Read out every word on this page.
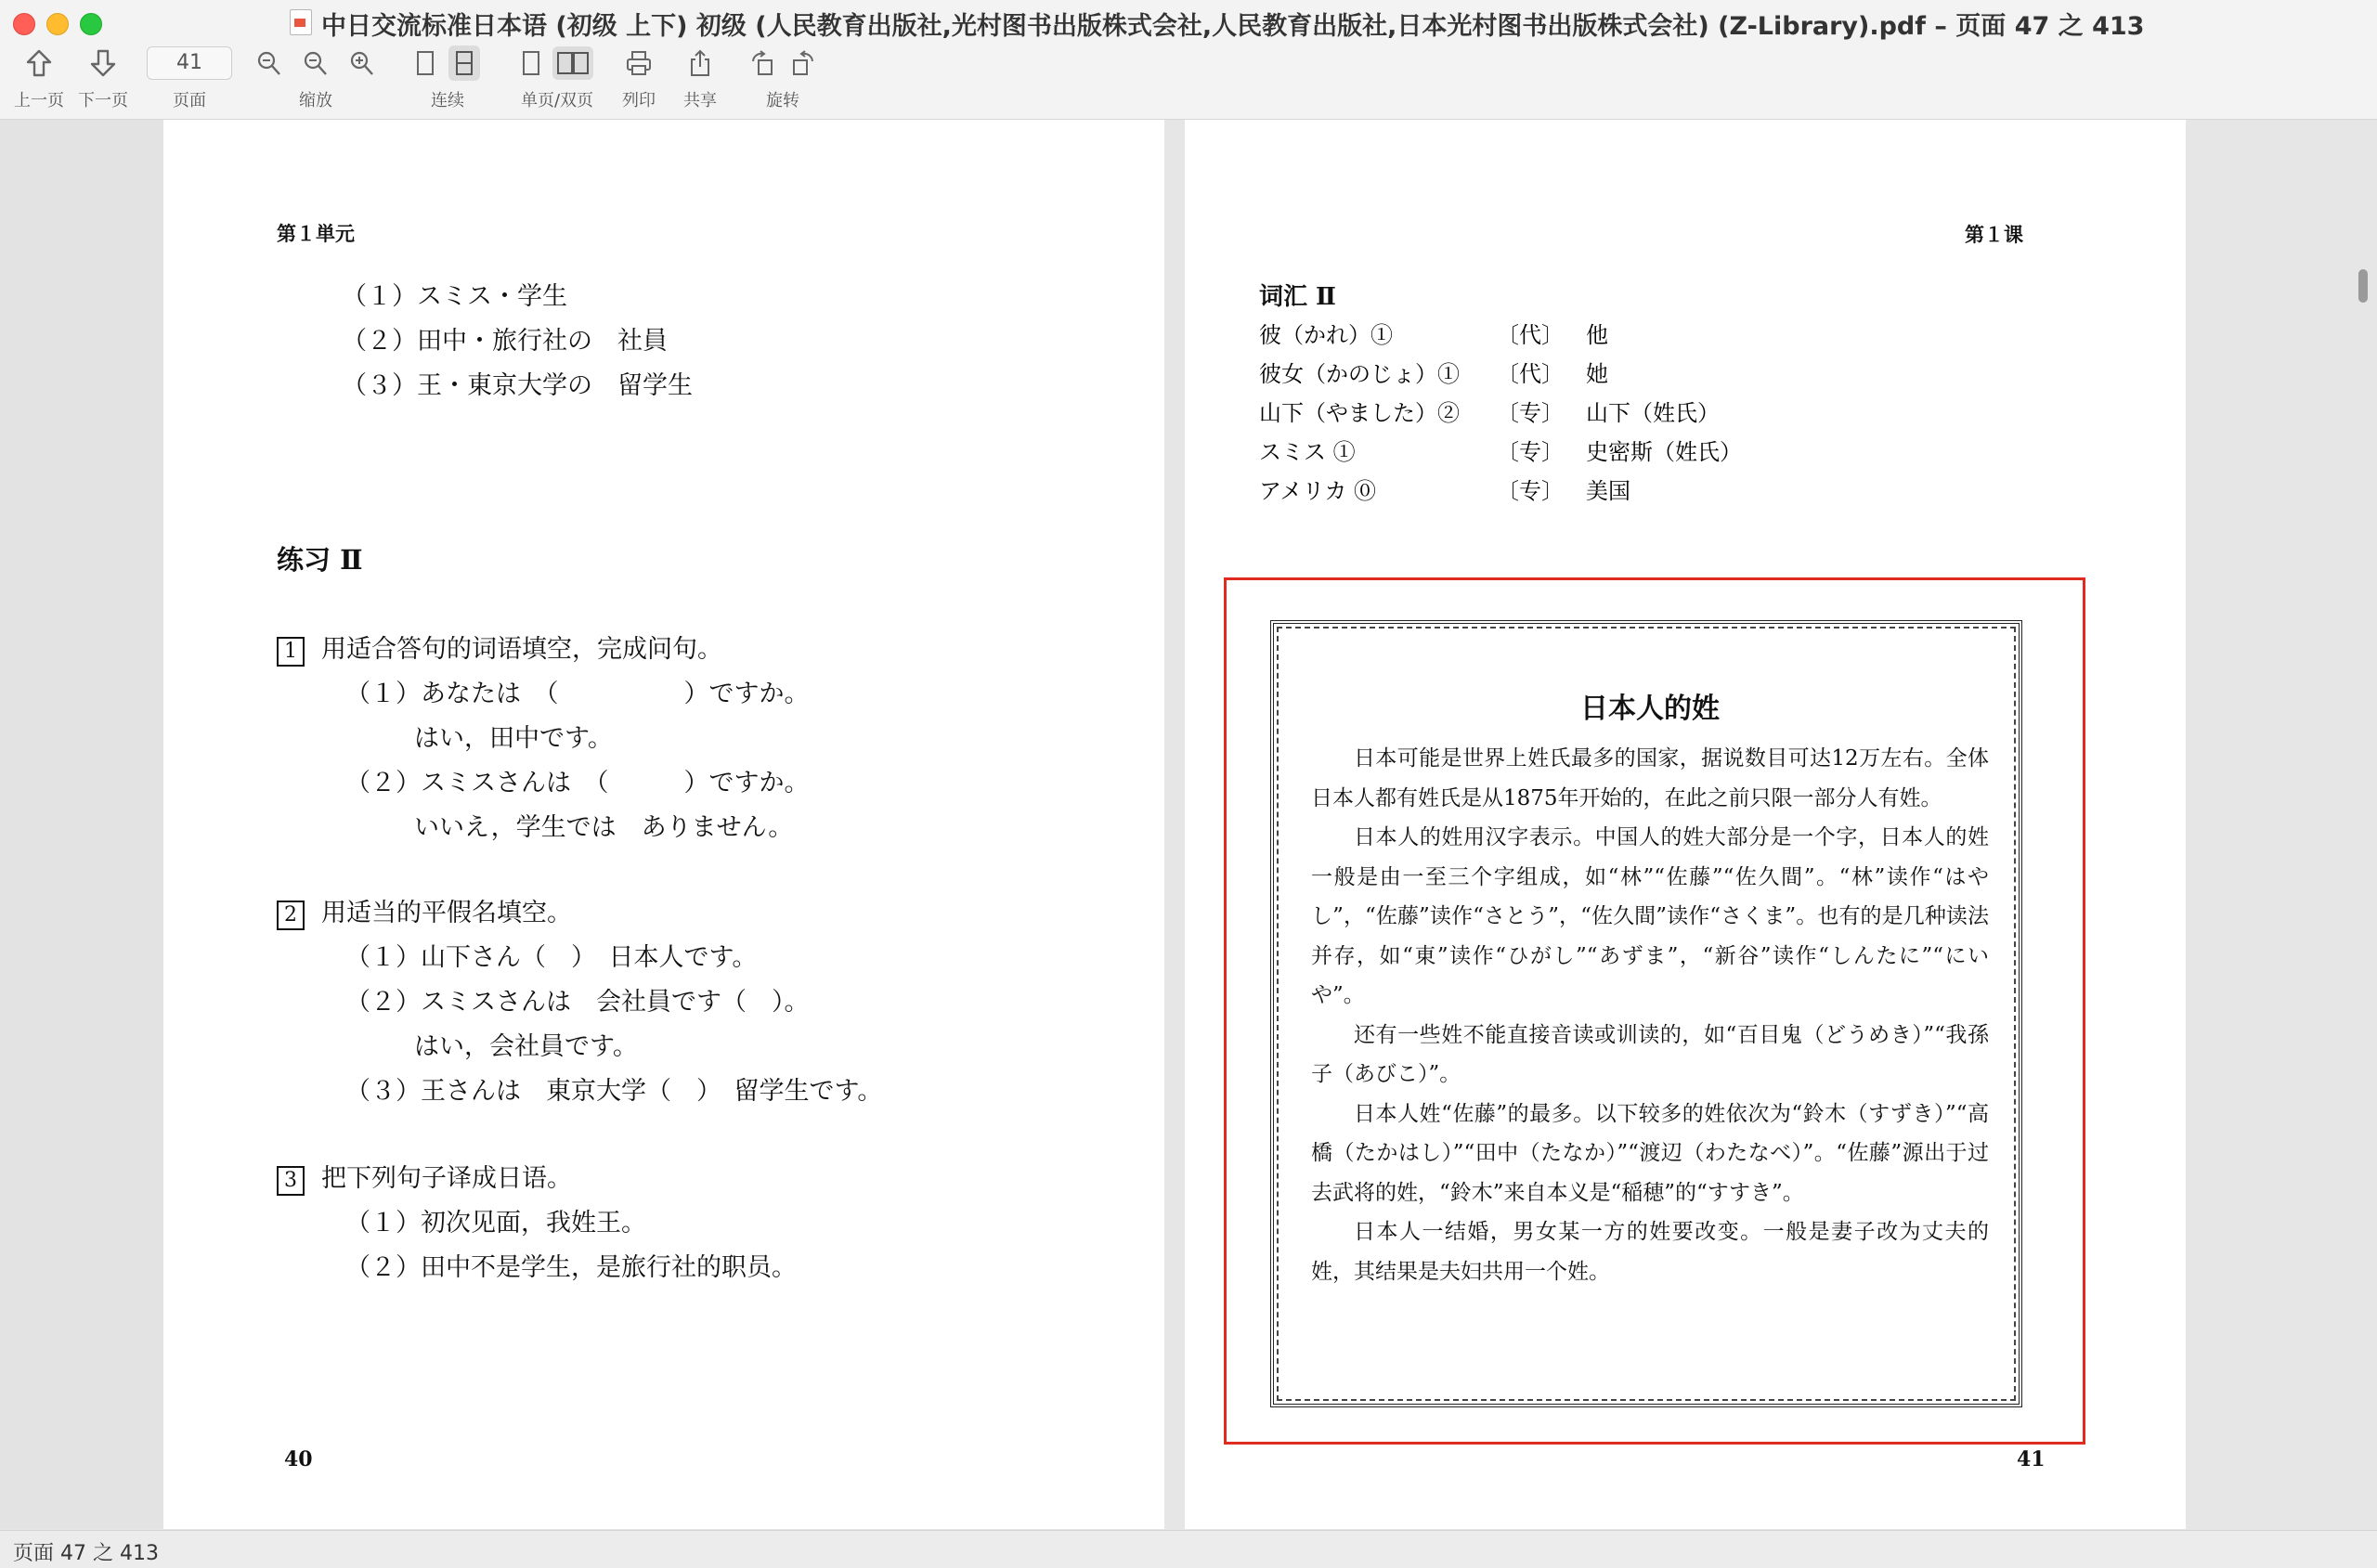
中日交流标准日本语 (初级 上下) 初级 (人民教育出版社,光村图书出版株式会社,人民教育出版社,日本光村图书出版株式会社) (Z-Library).pdf – 页面 47 之 413
上一页 下一页
41
页面	缩放	连续	单页/双页	列印 共享	旋转
第１単元
（１）スミス・学生
（２）田中・旅行社の　社員
（３）王・東京大学の　留学生
练习 Ⅱ
1 用适合答句的词语填空，完成问句。
（１）あなたは　（　　　　　）ですか。
はい，田中です。
（２）スミスさんは　（　　　）ですか。
いいえ，学生では　ありません。
2 用适当的平假名填空。
（１）山下さん（　）　日本人です。
（２）スミスさんは　会社員です（　）。
はい，会社員です。
（３）王さんは　東京大学（　）　留学生です。
3 把下列句子译成日语。
（１）初次见面，我姓王。
（２）田中不是学生，是旅行社的职员。
40
第１课
词汇 Ⅱ
彼（かれ）①	〔代〕 他
彼女（かのじょ）① 〔代〕 她
山下（やました）② 〔专〕 山下（姓氏）
スミス ①	〔专〕 史密斯（姓氏）
アメリカ ⓪	〔专〕 美国
41
日本人的姓

日本可能是世界上姓氏最多的国家，据说数目可达12万左右。全体日本人都有姓氏是从1875年开始的，在此之前只限一部分人有姓。

日本人的姓用汉字表示。中国人的姓大部分是一个字，日本人的姓一般是由一至三个字组成，如“林”“佐藤”“佐久間”。“林”读作“はやし”，“佐藤”读作“さとう”，“佐久間”读作“さくま”。也有的是几种读法并存，如“東”读作“ひがし”“あずま”，“新谷”读作“しんたに”“にいや”。

还有一些姓不能直接音读或训读的，如“百目鬼（どうめき）”“我孫子（あびこ）”。

日本人姓“佐藤”的最多。以下较多的姓依次为“鈴木（すずき）”“高橋（たかはし）”“田中（たなか）”“渡辺（わたなべ）”。“佐藤”源出于过去武将的姓，“鈴木”来自本义是“稲穂”的“すすき”。

日本人一结婚，男女某一方的姓要改变。一般是妻子改为丈夫的姓，其结果是夫妇共用一个姓。

页面 47 之 413
